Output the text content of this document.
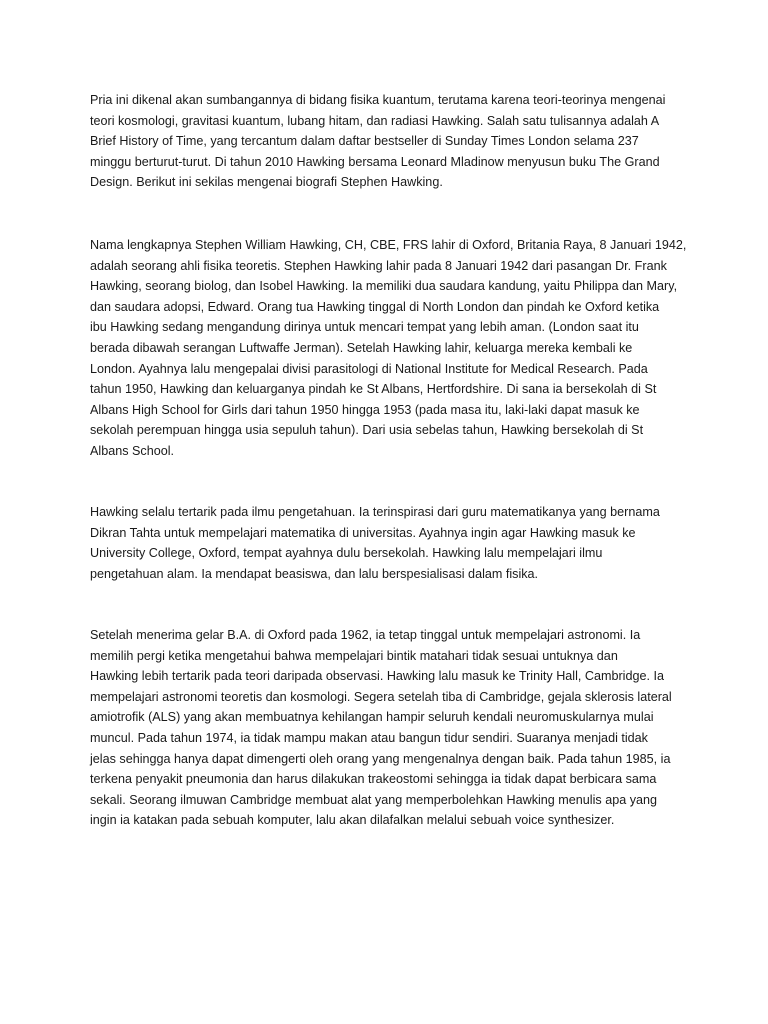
Pria ini dikenal akan sumbangannya di bidang fisika kuantum, terutama karena teori-teorinya mengenai
teori kosmologi, gravitasi kuantum, lubang hitam, dan radiasi Hawking. Salah satu tulisannya adalah A
Brief History of Time, yang tercantum dalam daftar bestseller di Sunday Times London selama 237
minggu berturut-turut. Di tahun 2010 Hawking bersama Leonard Mladinow menyusun buku The Grand
Design. Berikut ini sekilas mengenai biografi Stephen Hawking.

Nama lengkapnya Stephen William Hawking, CH, CBE, FRS lahir di Oxford, Britania Raya, 8 Januari 1942,
adalah seorang ahli fisika teoretis. Stephen Hawking lahir pada 8 Januari 1942 dari pasangan Dr. Frank
Hawking, seorang biolog, dan Isobel Hawking. Ia memiliki dua saudara kandung, yaitu Philippa dan Mary,
dan saudara adopsi, Edward. Orang tua Hawking tinggal di North London dan pindah ke Oxford ketika
ibu Hawking sedang mengandung dirinya untuk mencari tempat yang lebih aman. (London saat itu
berada dibawah serangan Luftwaffe Jerman). Setelah Hawking lahir, keluarga mereka kembali ke
London. Ayahnya lalu mengepalai divisi parasitologi di National Institute for Medical Research. Pada
tahun 1950, Hawking dan keluarganya pindah ke St Albans, Hertfordshire. Di sana ia bersekolah di St
Albans High School for Girls dari tahun 1950 hingga 1953 (pada masa itu, laki-laki dapat masuk ke
sekolah perempuan hingga usia sepuluh tahun). Dari usia sebelas tahun, Hawking bersekolah di St
Albans School.

Hawking selalu tertarik pada ilmu pengetahuan. Ia terinspirasi dari guru matematikanya yang bernama
Dikran Tahta untuk mempelajari matematika di universitas. Ayahnya ingin agar Hawking masuk ke
University College, Oxford, tempat ayahnya dulu bersekolah. Hawking lalu mempelajari ilmu
pengetahuan alam. Ia mendapat beasiswa, dan lalu berspesialisasi dalam fisika.

Setelah menerima gelar B.A. di Oxford pada 1962, ia tetap tinggal untuk mempelajari astronomi. Ia
memilih pergi ketika mengetahui bahwa mempelajari bintik matahari tidak sesuai untuknya dan
Hawking lebih tertarik pada teori daripada observasi. Hawking lalu masuk ke Trinity Hall, Cambridge. Ia
mempelajari astronomi teoretis dan kosmologi. Segera setelah tiba di Cambridge, gejala sklerosis lateral
amiotrofik (ALS) yang akan membuatnya kehilangan hampir seluruh kendali neuromuskularnya mulai
muncul. Pada tahun 1974, ia tidak mampu makan atau bangun tidur sendiri. Suaranya menjadi tidak
jelas sehingga hanya dapat dimengerti oleh orang yang mengenalnya dengan baik. Pada tahun 1985, ia
terkena penyakit pneumonia dan harus dilakukan trakeostomi sehingga ia tidak dapat berbicara sama
sekali. Seorang ilmuwan Cambridge membuat alat yang memperbolehkan Hawking menulis apa yang
ingin ia katakan pada sebuah komputer, lalu akan dilafalkan melalui sebuah voice synthesizer.
